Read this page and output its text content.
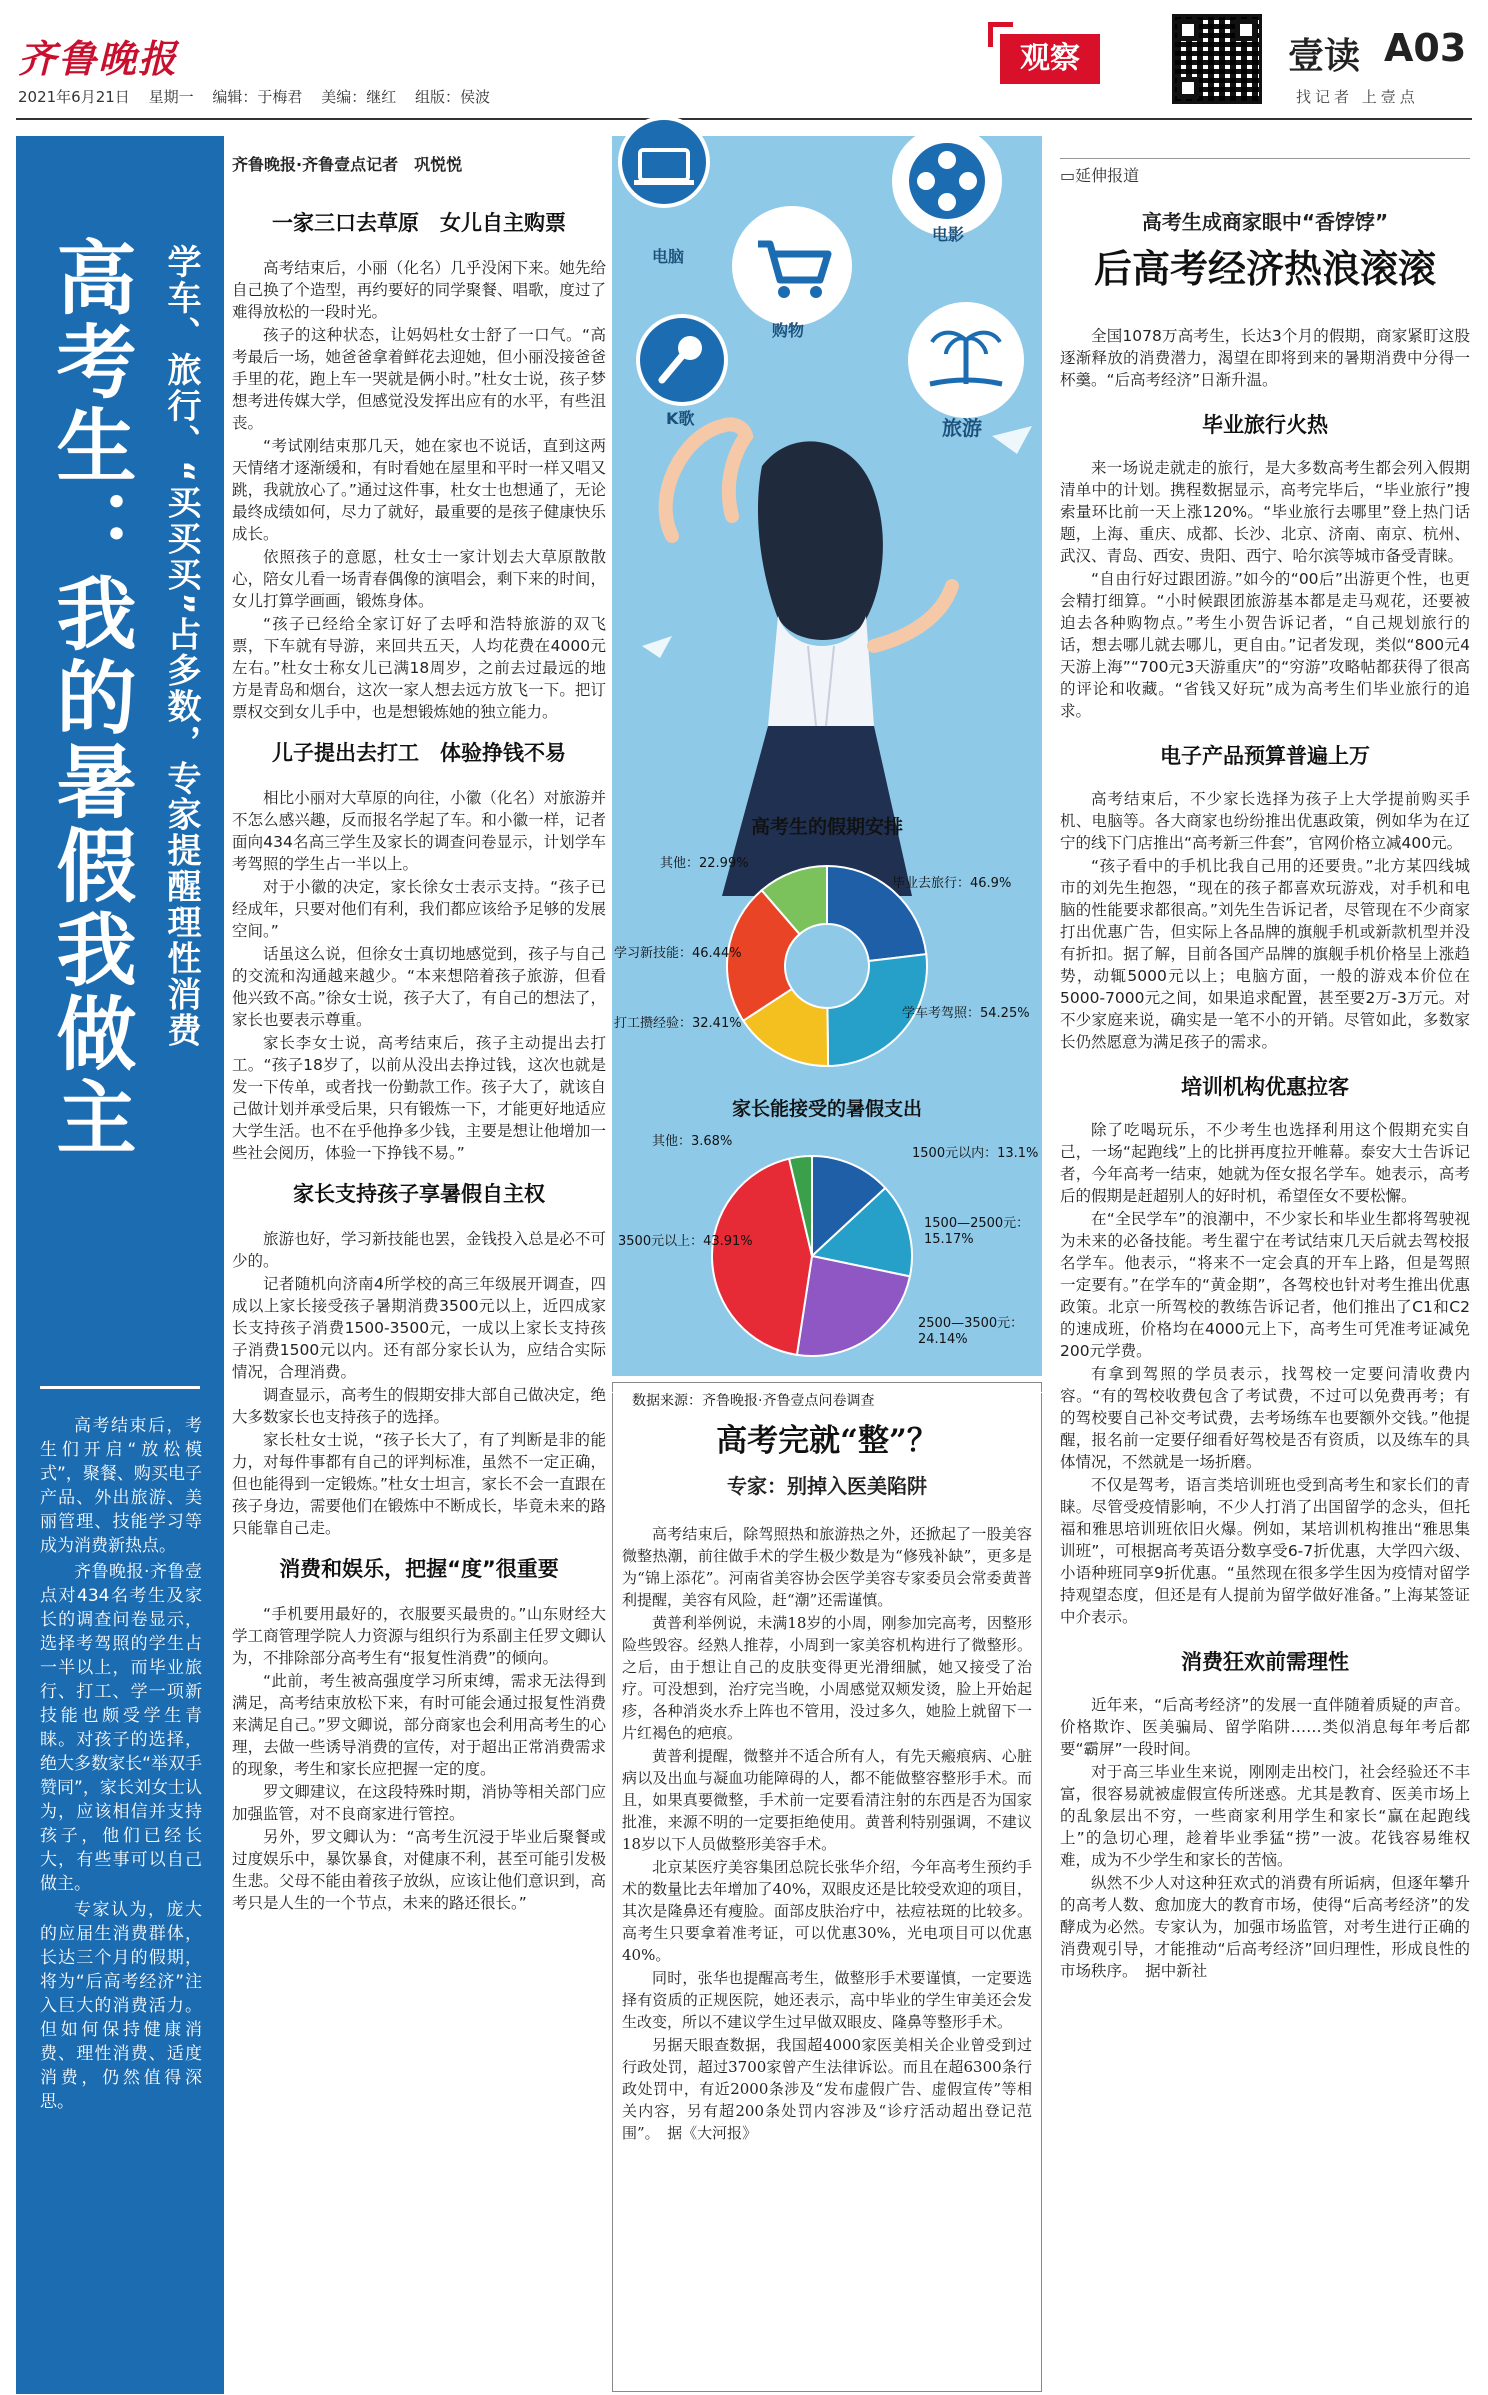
齐鲁晚报
2021年6月21日 星期一 编辑：于梅君 美编：继红 组版：侯波
观察	壹读 A03
找记者 上壹点
高考生：我的暑假我做主 学车、旅行、“买买买”占多数，专家提醒理性消费

高考结束后，考生们开启“放松模式”，聚餐、购买电子产品、外出旅游、美丽管理、技能学习等成为消费新热点。

齐鲁晚报·齐鲁壹点对434名考生及家长的调查问卷显示，选择考驾照的学生占一半以上，而毕业旅行、打工、学一项新技能也颇受学生青睐。对孩子的选择，绝大多数家长“举双手赞同”，家长刘女士认为，应该相信并支持孩子，他们已经长大，有些事可以自己做主。

专家认为，庞大的应届生消费群体，长达三个月的假期，将为“后高考经济”注入巨大的消费活力。但如何保持健康消费、理性消费、适度消费，仍然值得深思。

齐鲁晚报·齐鲁壹点记者　巩悦悦
一家三口去草原　女儿自主购票

高考结束后，小丽（化名）几乎没闲下来。她先给自己换了个造型，再约要好的同学聚餐、唱歌，度过了难得放松的一段时光。

孩子的这种状态，让妈妈杜女士舒了一口气。“高考最后一场，她爸爸拿着鲜花去迎她，但小丽没接爸爸手里的花，跑上车一哭就是俩小时。”杜女士说，孩子梦想考进传媒大学，但感觉没发挥出应有的水平，有些沮丧。

“考试刚结束那几天，她在家也不说话，直到这两天情绪才逐渐缓和，有时看她在屋里和平时一样又唱又跳，我就放心了。”通过这件事，杜女士也想通了，无论最终成绩如何，尽力了就好，最重要的是孩子健康快乐成长。

依照孩子的意愿，杜女士一家计划去大草原散散心，陪女儿看一场青春偶像的演唱会，剩下来的时间，女儿打算学画画，锻炼身体。

“孩子已经给全家订好了去呼和浩特旅游的双飞票，下车就有导游，来回共五天，人均花费在4000元左右。”杜女士称女儿已满18周岁，之前去过最远的地方是青岛和烟台，这次一家人想去远方放飞一下。把订票权交到女儿手中，也是想锻炼她的独立能力。

儿子提出去打工　体验挣钱不易

相比小丽对大草原的向往，小徽（化名）对旅游并不怎么感兴趣，反而报名学起了车。和小徽一样，记者面向434名高三学生及家长的调查问卷显示，计划学车考驾照的学生占一半以上。

对于小徽的决定，家长徐女士表示支持。“孩子已经成年，只要对他们有利，我们都应该给予足够的发展空间。”

话虽这么说，但徐女士真切地感觉到，孩子与自己的交流和沟通越来越少。“本来想陪着孩子旅游，但看他兴致不高。”徐女士说，孩子大了，有自己的想法了，家长也要表示尊重。

家长李女士说，高考结束后，孩子主动提出去打工。“孩子18岁了，以前从没出去挣过钱，这次也就是发一下传单，或者找一份勤款工作。孩子大了，就该自己做计划并承受后果，只有锻炼一下，才能更好地适应大学生活。也不在乎他挣多少钱，主要是想让他增加一些社会阅历，体验一下挣钱不易。”

家长支持孩子享暑假自主权

旅游也好，学习新技能也罢，金钱投入总是必不可少的。

记者随机向济南4所学校的高三年级展开调查，四成以上家长接受孩子暑期消费3500元以上，近四成家长支持孩子消费1500-3500元，一成以上家长支持孩子消费1500元以内。还有部分家长认为，应结合实际情况，合理消费。

调查显示，高考生的假期安排大部自己做决定，绝大多数家长也支持孩子的选择。

家长杜女士说，“孩子长大了，有了判断是非的能力，对每件事都有自己的评判标准，虽然不一定正确，但也能得到一定锻炼。”杜女士坦言，家长不会一直跟在孩子身边，需要他们在锻炼中不断成长，毕竟未来的路只能靠自己走。

消费和娱乐，把握“度”很重要

“手机要用最好的，衣服要买最贵的。”山东财经大学工商管理学院人力资源与组织行为系副主任罗文卿认为，不排除部分高考生有“报复性消费”的倾向。

“此前，考生被高强度学习所束缚，需求无法得到满足，高考结束放松下来，有时可能会通过报复性消费来满足自己。”罗文卿说，部分商家也会利用高考生的心理，去做一些诱导消费的宣传，对于超出正常消费需求的现象，考生和家长应把握一定的度。

罗文卿建议，在这段特殊时期，消协等相关部门应加强监管，对不良商家进行管控。

另外，罗文卿认为：“高考生沉浸于毕业后聚餐或过度娱乐中，暴饮暴食，对健康不利，甚至可能引发极生悲。父母不能由着孩子放纵，应该让他们意识到，高考只是人生的一个节点，未来的路还很长。”

电脑
购物
电影
K歌	旅游
高考生的假期安排
毕业去旅行：46.9%
学车考驾照：54.25%
打工攒经验：32.41%
学习新技能：46.44%
其他：22.99%
家长能接受的暑假支出
1500元以内：13.1%
1500—2500元：15.17%
2500—3500元：24.14%
3500元以上：43.91%
其他：3.68%
数据来源：齐鲁晚报·齐鲁壹点问卷调查
高考完就“整”？
专家：别掉入医美陷阱

高考结束后，除驾照热和旅游热之外，还掀起了一股美容微整热潮，前往做手术的学生极少数是为“修残补缺”，更多是为“锦上添花”。河南省美容协会医学美容专家委员会常委黄普利提醒，美容有风险，赶“潮”还需谨慎。

黄普利举例说，未满18岁的小周，刚参加完高考，因整形险些毁容。经熟人推荐，小周到一家美容机构进行了微整形。之后，由于想让自己的皮肤变得更光滑细腻，她又接受了治疗。可没想到，治疗完当晚，小周感觉双颊发烫，脸上开始起疹，各种消炎水乔上阵也不管用，没过多久，她脸上就留下一片红褐色的疤痕。

黄普利提醒，微整并不适合所有人，有先天瘢痕病、心脏病以及出血与凝血功能障碍的人，都不能做整容整形手术。而且，如果真要微整，手术前一定要看清注射的东西是否为国家批准，来源不明的一定要拒绝使用。黄普利特别强调，不建议18岁以下人员做整形美容手术。

北京某医疗美容集团总院长张华介绍，今年高考生预约手术的数量比去年增加了40%，双眼皮还是比较受欢迎的项目，其次是隆鼻还有瘦脸。面部皮肤治疗中，祛痘祛斑的比较多。高考生只要拿着准考证，可以优惠30%，光电项目可以优惠40%。

同时，张华也提醒高考生，做整形手术要谨慎，一定要选择有资质的正规医院，她还表示，高中毕业的学生审美还会发生改变，所以不建议学生过早做双眼皮、隆鼻等整形手术。

另据天眼查数据，我国超4000家医美相关企业曾受到过行政处罚，超过3700家曾产生法律诉讼。而且在超6300条行政处罚中，有近2000条涉及“发布虚假广告、虚假宣传”等相关内容，另有超200条处罚内容涉及“诊疗活动超出登记范围”。　据《大河报》

▭延伸报道
高考生成商家眼中“香饽饽”
后高考经济热浪滚滚

全国1078万高考生，长达3个月的假期，商家紧盯这股逐渐释放的消费潜力，渴望在即将到来的暑期消费中分得一杯羹。“后高考经济”日渐升温。

毕业旅行火热

来一场说走就走的旅行，是大多数高考生都会列入假期清单中的计划。携程数据显示，高考完毕后，“毕业旅行”搜索量环比前一天上涨120%。“毕业旅行去哪里”登上热门话题，上海、重庆、成都、长沙、北京、济南、南京、杭州、武汉、青岛、西安、贵阳、西宁、哈尔滨等城市备受青睐。

“自由行好过跟团游。”如今的“00后”出游更个性，也更会精打细算。“小时候跟团旅游基本都是走马观花，还要被迫去各种购物点。”考生小贺告诉记者，“自己规划旅行的话，想去哪儿就去哪儿，更自由。”记者发现，类似“800元4天游上海”“700元3天游重庆”的“穷游”攻略帖都获得了很高的评论和收藏。“省钱又好玩”成为高考生们毕业旅行的追求。

电子产品预算普遍上万

高考结束后，不少家长选择为孩子上大学提前购买手机、电脑等。各大商家也纷纷推出优惠政策，例如华为在辽宁的线下门店推出“高考新三件套”，官网价格立减400元。

“孩子看中的手机比我自己用的还要贵。”北方某四线城市的刘先生抱怨，“现在的孩子都喜欢玩游戏，对手机和电脑的性能要求都很高。”刘先生告诉记者，尽管现在不少商家打出优惠广告，但实际上各品牌的旗舰手机或新款机型并没有折扣。据了解，目前各国产品牌的旗舰手机价格呈上涨趋势，动辄5000元以上；电脑方面，一般的游戏本价位在5000-7000元之间，如果追求配置，甚至要2万-3万元。对不少家庭来说，确实是一笔不小的开销。尽管如此，多数家长仍然愿意为满足孩子的需求。

培训机构优惠拉客

除了吃喝玩乐，不少考生也选择利用这个假期充实自己，一场“起跑线”上的比拼再度拉开帷幕。泰安大士告诉记者，今年高考一结束，她就为侄女报名学车。她表示，高考后的假期是赶超别人的好时机，希望侄女不要松懈。

在“全民学车”的浪潮中，不少家长和毕业生都将驾驶视为未来的必备技能。考生翟宁在考试结束几天后就去驾校报名学车。他表示，“将来不一定会真的开车上路，但是驾照一定要有。”在学车的“黄金期”，各驾校也针对考生推出优惠政策。北京一所驾校的教练告诉记者，他们推出了C1和C2的速成班，价格均在4000元上下，高考生可凭准考证减免200元学费。

有拿到驾照的学员表示，找驾校一定要问清收费内容。“有的驾校收费包含了考试费，不过可以免费再考；有的驾校要自己补交考试费，去考场练车也要额外交钱。”他提醒，报名前一定要仔细看好驾校是否有资质，以及练车的具体情况，不然就是一场折磨。

不仅是驾考，语言类培训班也受到高考生和家长们的青睐。尽管受疫情影响，不少人打消了出国留学的念头，但托福和雅思培训班依旧火爆。例如，某培训机构推出“雅思集训班”，可根据高考英语分数享受6-7折优惠，大学四六级、小语种班同享9折优惠。“虽然现在很多学生因为疫情对留学持观望态度，但还是有人提前为留学做好准备。”上海某签证中介表示。

消费狂欢前需理性

近年来，“后高考经济”的发展一直伴随着质疑的声音。价格欺诈、医美骗局、留学陷阱……类似消息每年考后都要“霸屏”一段时间。

对于高三毕业生来说，刚刚走出校门，社会经验还不丰富，很容易就被虚假宣传所迷惑。尤其是教育、医美市场上的乱象层出不穷，一些商家利用学生和家长“赢在起跑线上”的急切心理，趁着毕业季猛“捞”一波。花钱容易维权难，成为不少学生和家长的苦恼。

纵然不少人对这种狂欢式的消费有所诟病，但逐年攀升的高考人数、愈加庞大的教育市场，使得“后高考经济”的发酵成为必然。专家认为，加强市场监管，对考生进行正确的消费观引导，才能推动“后高考经济”回归理性，形成良性的市场秩序。　据中新社
